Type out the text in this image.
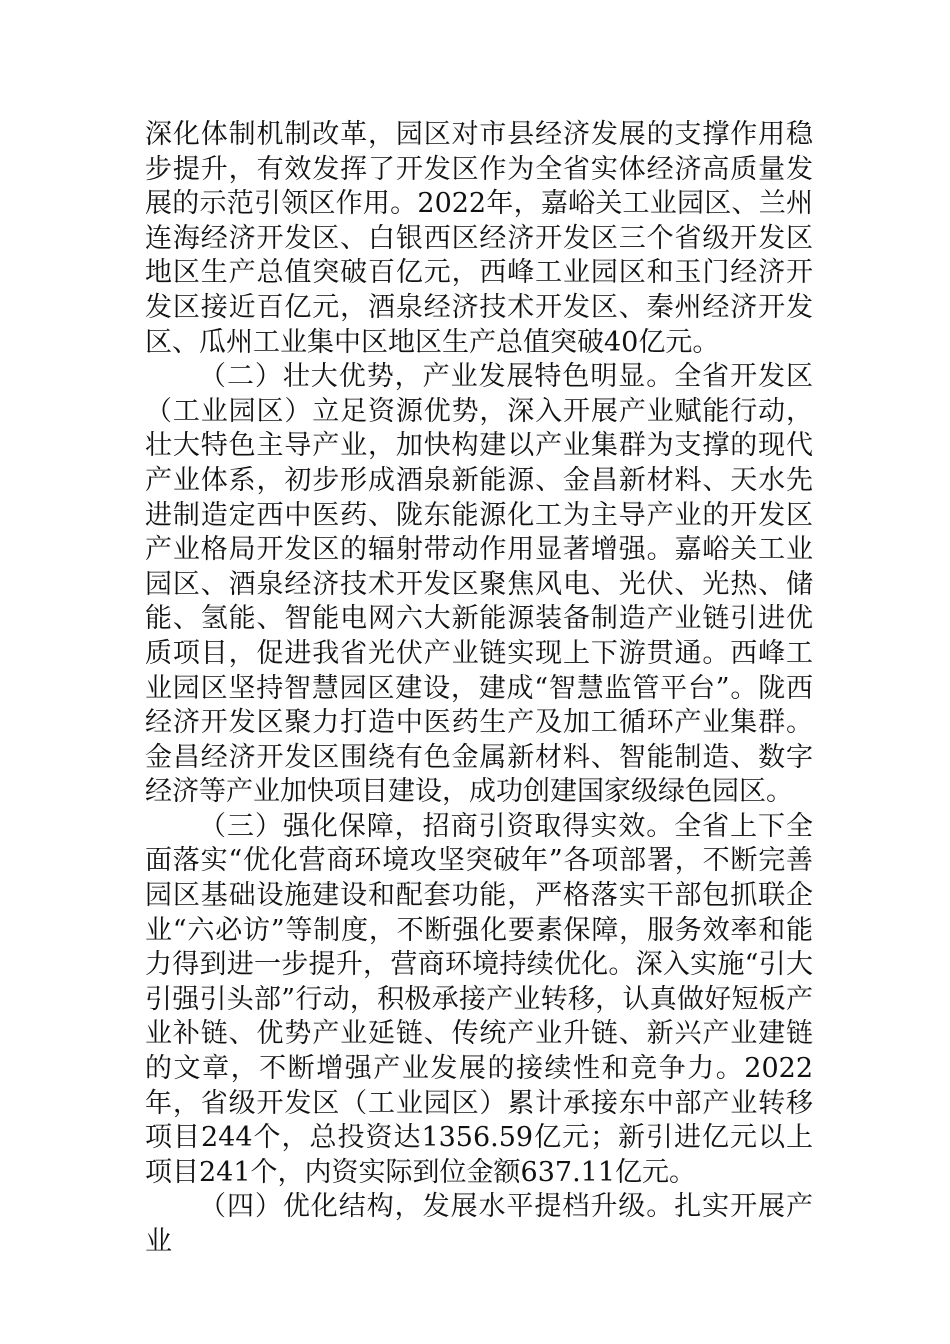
深化体制机制改革，园区对市县经济发展的支撑作用稳步提升，有效发挥了开发区作为全省实体经济高质量发展的示范引领区作用。2022年，嘉峪关工业园区、兰州连海经济开发区、白银西区经济开发区三个省级开发区地区生产总值突破百亿元，西峰工业园区和玉门经济开发区接近百亿元，酒泉经济技术开发区、秦州经济开发区、瓜州工业集中区地区生产总值突破40亿元。

（二）壮大优势，产业发展特色明显。全省开发区（工业园区）立足资源优势，深入开展产业赋能行动，壮大特色主导产业，加快构建以产业集群为支撑的现代产业体系，初步形成酒泉新能源、金昌新材料、天水先进制造定西中医药、陇东能源化工为主导产业的开发区产业格局开发区的辐射带动作用显著增强。嘉峪关工业园区、酒泉经济技术开发区聚焦风电、光伏、光热、储能、氢能、智能电网六大新能源装备制造产业链引进优质项目，促进我省光伏产业链实现上下游贯通。西峰工业园区坚持智慧园区建设，建成“智慧监管平台”。陇西经济开发区聚力打造中医药生产及加工循环产业集群。金昌经济开发区围绕有色金属新材料、智能制造、数字经济等产业加快项目建设，成功创建国家级绿色园区。

（三）强化保障，招商引资取得实效。全省上下全面落实“优化营商环境攻坚突破年”各项部署，不断完善园区基础设施建设和配套功能，严格落实干部包抓联企业“六必访”等制度，不断强化要素保障，服务效率和能力得到进一步提升，营商环境持续优化。深入实施“引大引强引头部”行动，积极承接产业转移，认真做好短板产业补链、优势产业延链、传统产业升链、新兴产业建链的文章，不断增强产业发展的接续性和竞争力。2022年，省级开发区（工业园区）累计承接东中部产业转移项目244个，总投资达1356.59亿元；新引进亿元以上项目241个，内资实际到位金额637.11亿元。

（四）优化结构，发展水平提档升级。扎实开展产业
